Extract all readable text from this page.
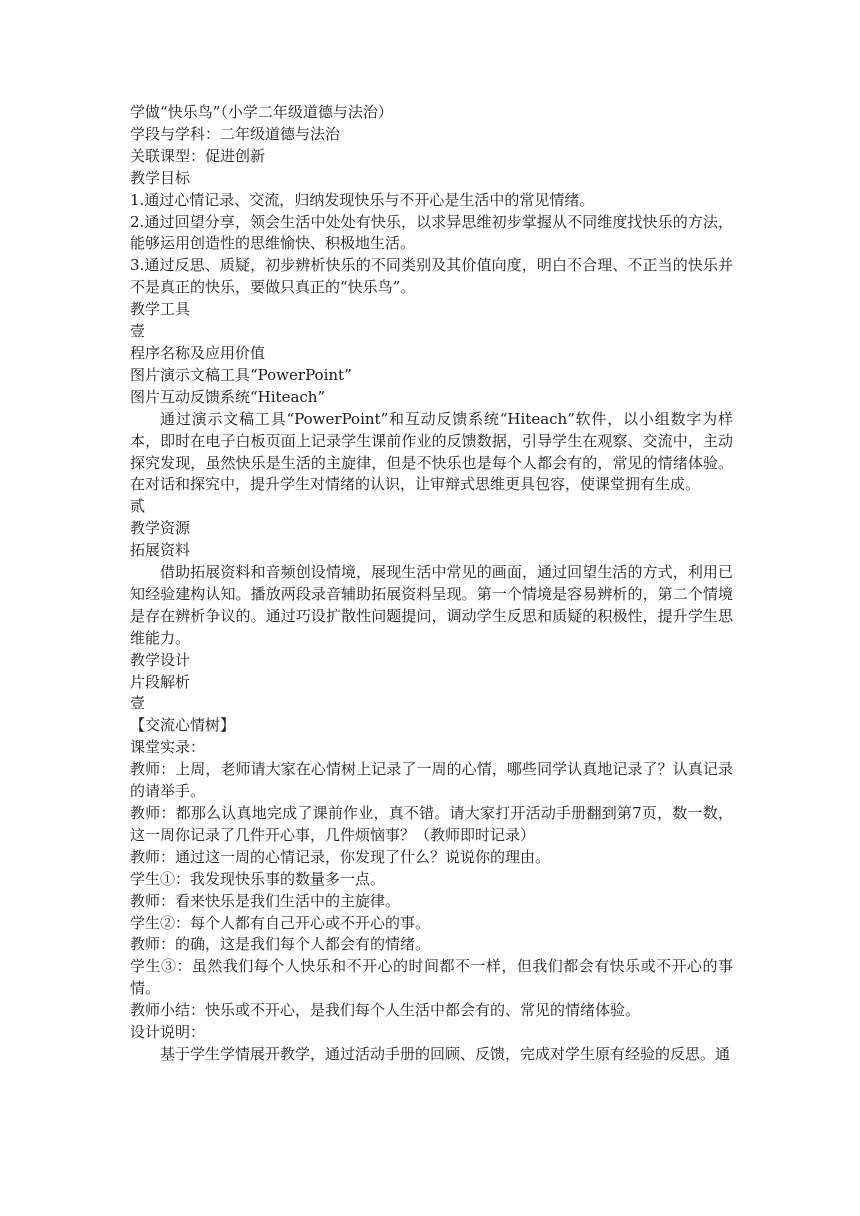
学做“快乐鸟”（小学二年级道德与法治）

学段与学科：二年级道德与法治

关联课型：促进创新

教学目标

1.通过心情记录、交流，归纳发现快乐与不开心是生活中的常见情绪。

2.通过回望分享，领会生活中处处有快乐，以求异思维初步掌握从不同维度找快乐的方法，能够运用创造性的思维愉快、积极地生活。

3.通过反思、质疑，初步辨析快乐的不同类别及其价值向度，明白不合理、不正当的快乐并不是真正的快乐，要做只真正的“快乐鸟”。

教学工具

壹

程序名称及应用价值

图片演示文稿工具“PowerPoint”

图片互动反馈系统“Hiteach”

通过演示文稿工具“PowerPoint”和互动反馈系统“Hiteach”软件，以小组数字为样本，即时在电子白板页面上记录学生课前作业的反馈数据，引导学生在观察、交流中，主动探究发现，虽然快乐是生活的主旋律，但是不快乐也是每个人都会有的，常见的情绪体验。在对话和探究中，提升学生对情绪的认识，让审辩式思维更具包容，使课堂拥有生成。

贰

教学资源

拓展资料

借助拓展资料和音频创设情境，展现生活中常见的画面，通过回望生活的方式，利用已知经验建构认知。播放两段录音辅助拓展资料呈现。第一个情境是容易辨析的，第二个情境是存在辨析争议的。通过巧设扩散性问题提问，调动学生反思和质疑的积极性，提升学生思维能力。

教学设计

片段解析

壹

【交流心情树】

课堂实录：

教师：上周，老师请大家在心情树上记录了一周的心情，哪些同学认真地记录了？认真记录的请举手。

教师：都那么认真地完成了课前作业，真不错。请大家打开活动手册翻到第7页，数一数，这一周你记录了几件开心事，几件烦恼事？（教师即时记录）

教师：通过这一周的心情记录，你发现了什么？说说你的理由。

学生①：我发现快乐事的数量多一点。

教师：看来快乐是我们生活中的主旋律。

学生②：每个人都有自己开心或不开心的事。

教师：的确，这是我们每个人都会有的情绪。

学生③：虽然我们每个人快乐和不开心的时间都不一样，但我们都会有快乐或不开心的事情。

教师小结：快乐或不开心，是我们每个人生活中都会有的、常见的情绪体验。

设计说明：

基于学生学情展开教学，通过活动手册的回顾、反馈，完成对学生原有经验的反思。通
